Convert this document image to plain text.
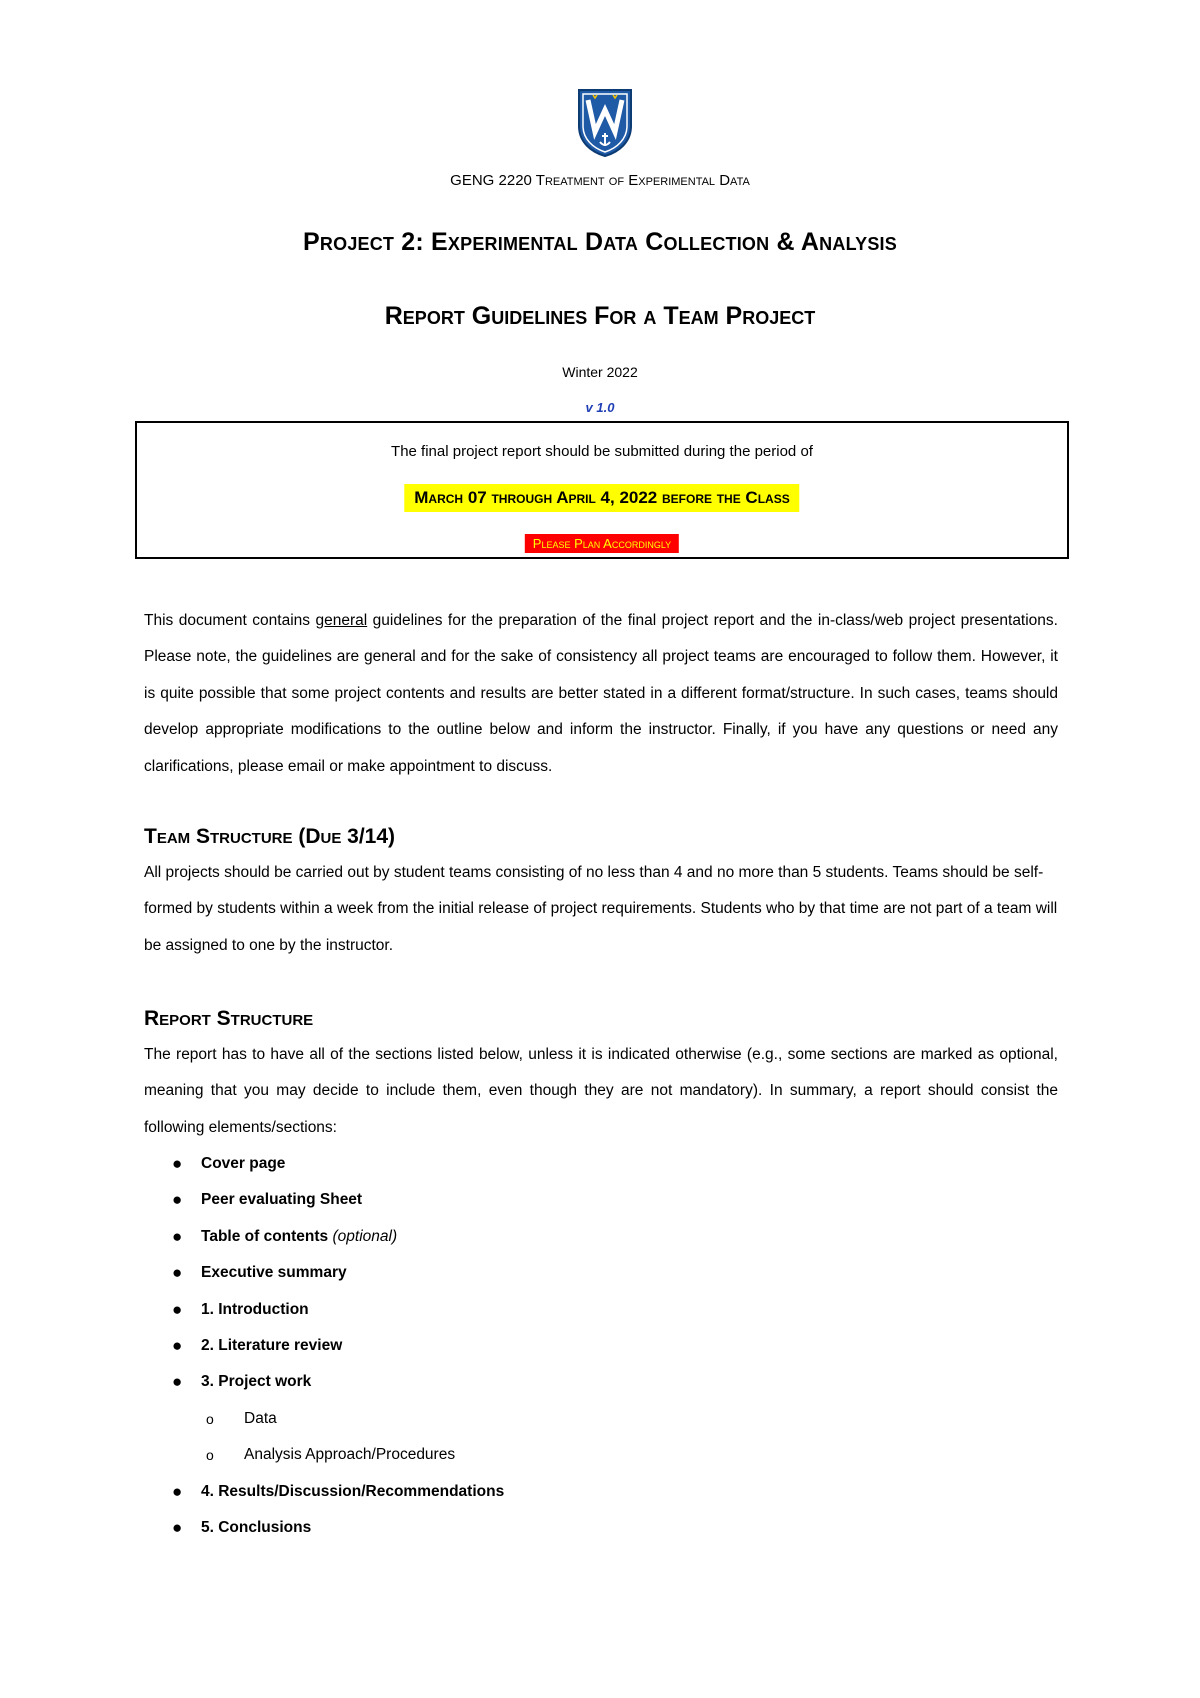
GENG 2220 Treatment of Experimental Data
Project 2: Experimental Data Collection & Analysis
Report Guidelines For a Team Project
Winter 2022
v 1.0
The final project report should be submitted during the period of
March 07 through April 4, 2022 before the Class
Please Plan Accordingly
This document contains general guidelines for the preparation of the final project report and the in-class/web project presentations. Please note, the guidelines are general and for the sake of consistency all project teams are encouraged to follow them. However, it is quite possible that some project contents and results are better stated in a different format/structure. In such cases, teams should develop appropriate modifications to the outline below and inform the instructor. Finally, if you have any questions or need any clarifications, please email or make appointment to discuss.
Team Structure (Due 3/14)
All projects should be carried out by student teams consisting of no less than 4 and no more than 5 students. Teams should be self-formed by students within a week from the initial release of project requirements. Students who by that time are not part of a team will be assigned to one by the instructor.
Report Structure
The report has to have all of the sections listed below, unless it is indicated otherwise (e.g., some sections are marked as optional, meaning that you may decide to include them, even though they are not mandatory). In summary, a report should consist the following elements/sections:
● Cover page
● Peer evaluating Sheet
● Table of contents (optional)
● Executive summary
● 1. Introduction
● 2. Literature review
● 3. Project work
o Data
o Analysis Approach/Procedures
● 4. Results/Discussion/Recommendations
● 5. Conclusions
